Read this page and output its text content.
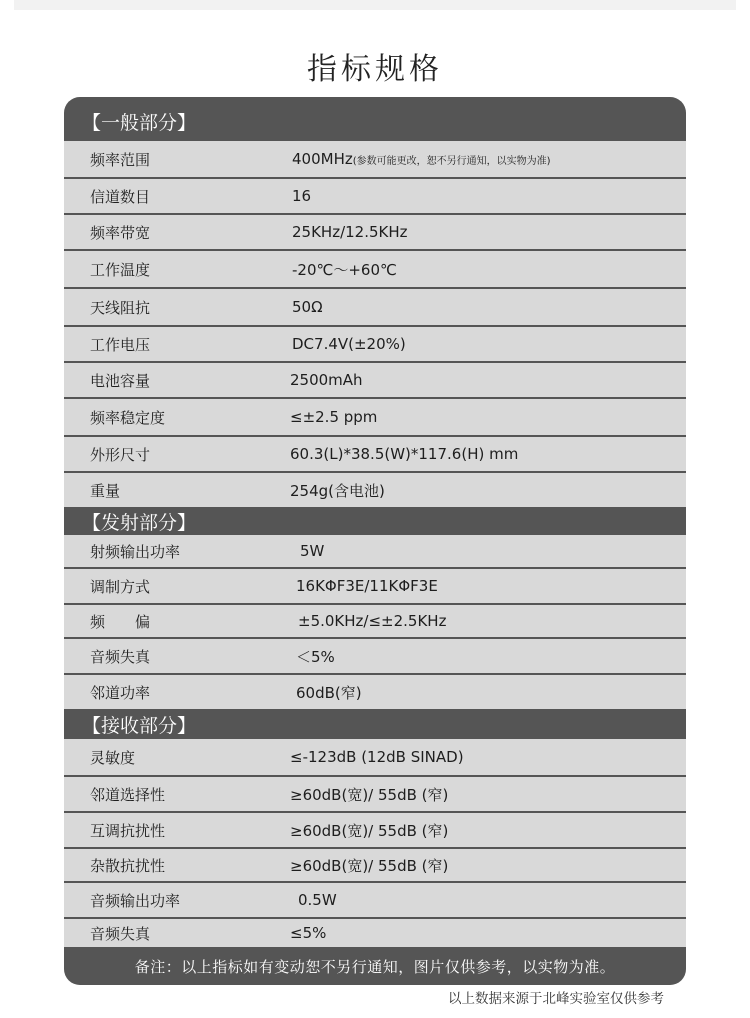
指标规格
【一般部分】
频率范围	400MHz(参数可能更改，恕不另行通知，以实物为准)
信道数目	16
频率带宽	25KHz/12.5KHz
工作温度	-20℃～+60℃
天线阻抗	50Ω
工作电压	DC7.4V(±20%)
电池容量	2500mAh
频率稳定度	≤±2.5 ppm
外形尺寸	60.3(L)*38.5(W)*117.6(H) mm
重量	254g(含电池)
【发射部分】
射频输出功率	5W
调制方式	16KΦF3E/11KΦF3E
频　　偏	±5.0KHz/≤±2.5KHz
音频失真	＜5%
邻道功率	60dB(窄)
【接收部分】
灵敏度	≤-123dB (12dB SINAD)
邻道选择性	≥60dB(宽)/ 55dB (窄)
互调抗扰性	≥60dB(宽)/ 55dB (窄)
杂散抗扰性	≥60dB(宽)/ 55dB (窄)
音频输出功率	0.5W
音频失真	≤5%
备注：以上指标如有变动恕不另行通知，图片仅供参考，以实物为准。
以上数据来源于北峰实验室仅供参考
